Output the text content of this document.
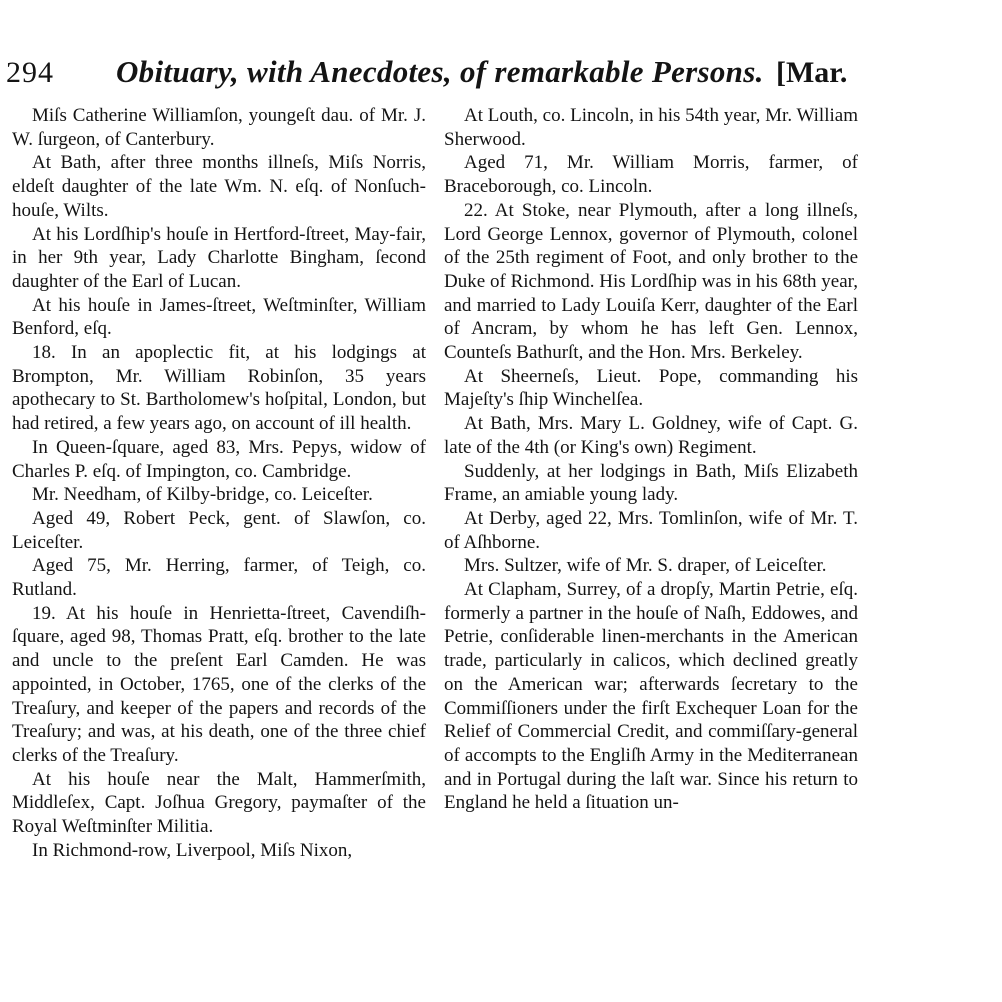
294 Obituary, with Anecdotes, of remarkable Persons. [Mar.

Miſs Catherine Williamſon, youngeſt dau. of Mr. J. W. ſurgeon, of Canterbury.

At Bath, after three months illneſs, Miſs Norris, eldeſt daughter of the late Wm. N. eſq. of Nonſuch-houſe, Wilts.

At his Lordſhip's houſe in Hertford-ſtreet, May-fair, in her 9th year, Lady Charlotte Bingham, ſecond daughter of the Earl of Lucan.

At his houſe in James-ſtreet, Weſtminſter, William Benford, eſq.

18. In an apoplectic fit, at his lodgings at Brompton, Mr. William Robinſon, 35 years apothecary to St. Bartholomew's hoſpital, London, but had retired, a few years ago, on account of ill health.

In Queen-ſquare, aged 83, Mrs. Pepys, widow of Charles P. eſq. of Impington, co. Cambridge.

Mr. Needham, of Kilby-bridge, co. Leiceſter.

Aged 49, Robert Peck, gent. of Slawſon, co. Leiceſter.

Aged 75, Mr. Herring, farmer, of Teigh, co. Rutland.

19. At his houſe in Henrietta-ſtreet, Cavendiſh-ſquare, aged 98, Thomas Pratt, eſq. brother to the late and uncle to the preſent Earl Camden. He was appointed, in October, 1765, one of the clerks of the Treaſury, and keeper of the papers and records of the Treaſury; and was, at his death, one of the three chief clerks of the Treaſury.

At his houſe near the Malt, Hammerſmith, Middleſex, Capt. Joſhua Gregory, paymaſter of the Royal Weſtminſter Militia.

In Richmond-row, Liverpool, Miſs Nixon,

At Louth, co. Lincoln, in his 54th year, Mr. William Sherwood.

Aged 71, Mr. William Morris, farmer, of Braceborough, co. Lincoln.

22. At Stoke, near Plymouth, after a long illneſs, Lord George Lennox, governor of Plymouth, colonel of the 25th regiment of Foot, and only brother to the Duke of Richmond. His Lordſhip was in his 68th year, and married to Lady Louiſa Kerr, daughter of the Earl of Ancram, by whom he has left Gen. Lennox, Counteſs Bathurſt, and the Hon. Mrs. Berkeley.

At Sheerneſs, Lieut. Pope, commanding his Majeſty's ſhip Winchelſea.

At Bath, Mrs. Mary L. Goldney, wife of Capt. G. late of the 4th (or King's own) Regiment.

Suddenly, at her lodgings in Bath, Miſs Elizabeth Frame, an amiable young lady.

At Derby, aged 22, Mrs. Tomlinſon, wife of Mr. T. of Aſhborne.

Mrs. Sultzer, wife of Mr. S. draper, of Leiceſter.

At Clapham, Surrey, of a dropſy, Martin Petrie, eſq. formerly a partner in the houſe of Naſh, Eddowes, and Petrie, conſiderable linen-merchants in the American trade, particularly in calicos, which declined greatly on the American war; afterwards ſecretary to the Commiſſioners under the firſt Exchequer Loan for the Relief of Commercial Credit, and commiſſary-general of accompts to the Engliſh Army in the Mediterranean and in Portugal during the laſt war. Since his return to England he held a ſituation un-
